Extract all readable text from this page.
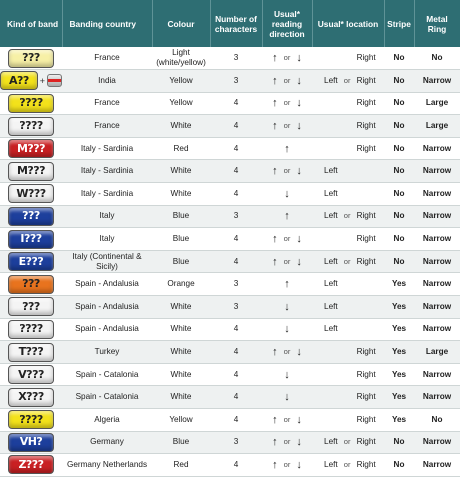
Kind of band	Banding country	Colour	Number of characters	Usual* reading direction	Usual* location	Stripe	Metal Ring

???	France	Light (white/yellow)	3	↑ or ↓	Right	No	No

A?? +	India	Yellow	3	↑ or ↓	Left or Right	No	Narrow

????	France	Yellow	4	↑ or ↓	Right	No	Large

????	France	White	4	↑ or ↓	Right	No	Large

M???	Italy - Sardinia	Red	4	↑	Right	No	Narrow

M???	Italy - Sardinia	White	4	↑ or ↓	Left	No	Narrow

W???	Italy - Sardinia	White	4	↓	Left	No	Narrow

???	Italy	Blue	3	↑	Left or Right	No	Narrow

I???	Italy	Blue	4	↑ or ↓	Right	No	Narrow

E???	Italy (Continental & Sicily)	Blue	4	↑ or ↓	Left or Right	No	Narrow

???	Spain - Andalusia	Orange	3	↑	Left	Yes	Narrow

???	Spain - Andalusia	White	3	↓	Left	Yes	Narrow

????	Spain - Andalusia	White	4	↓	Left	Yes	Narrow

T???	Turkey	White	4	↑ or ↓	Right	Yes	Large

V???	Spain - Catalonia	White	4	↓	Right	Yes	Narrow

X???	Spain - Catalonia	White	4	↓	Right	Yes	Narrow

????	Algeria	Yellow	4	↑ or ↓	Right	Yes	No

VH?	Germany	Blue	3	↑ or ↓	Left or Right	No	Narrow

Z???	Germany Netherlands	Red	4	↑ or ↓	Left or Right	No	Narrow
